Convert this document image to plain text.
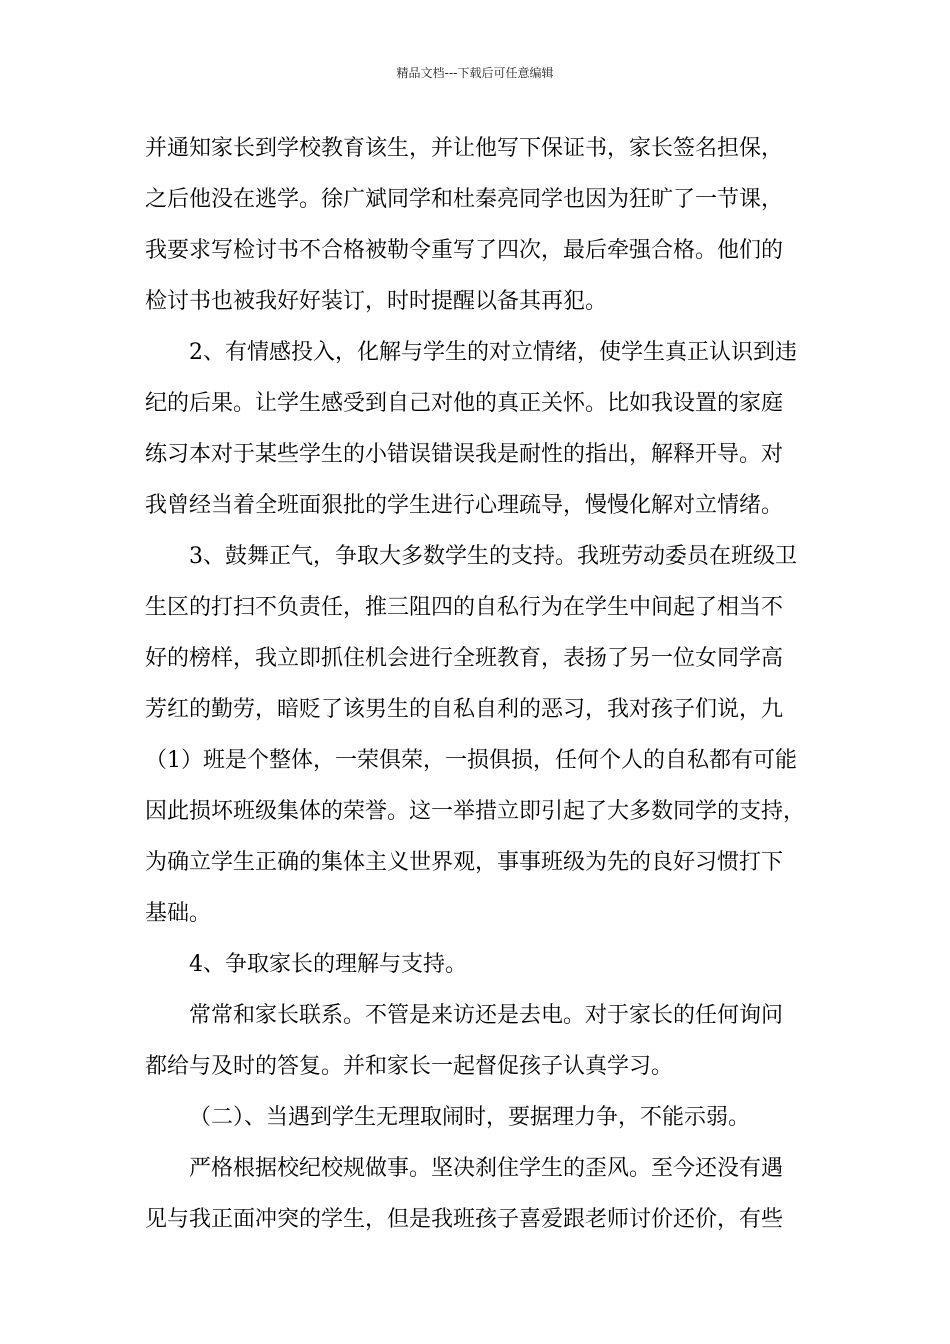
精品文档---下载后可任意编辑
并通知家长到学校教育该生，并让他写下保证书，家长签名担保，
之后他没在逃学。徐广斌同学和杜秦亮同学也因为狂旷了一节课，
我要求写检讨书不合格被勒令重写了四次，最后牵强合格。他们的
检讨书也被我好好装订，时时提醒以备其再犯。
2、有情感投入，化解与学生的对立情绪，使学生真正认识到违
纪的后果。让学生感受到自己对他的真正关怀。比如我设置的家庭
练习本对于某些学生的小错误错误我是耐性的指出，解释开导。对
我曾经当着全班面狠批的学生进行心理疏导，慢慢化解对立情绪。
3、鼓舞正气，争取大多数学生的支持。我班劳动委员在班级卫
生区的打扫不负责任，推三阻四的自私行为在学生中间起了相当不
好的榜样，我立即抓住机会进行全班教育，表扬了另一位女同学高
芳红的勤劳，暗贬了该男生的自私自利的恶习，我对孩子们说，九
（1）班是个整体，一荣俱荣，一损俱损，任何个人的自私都有可能
因此损坏班级集体的荣誉。这一举措立即引起了大多数同学的支持，
为确立学生正确的集体主义世界观，事事班级为先的良好习惯打下
基础。
4、争取家长的理解与支持。
常常和家长联系。不管是来访还是去电。对于家长的任何询问
都给与及时的答复。并和家长一起督促孩子认真学习。
（二）、当遇到学生无理取闹时，要据理力争，不能示弱。
严格根据校纪校规做事。坚决刹住学生的歪风。至今还没有遇
见与我正面冲突的学生，但是我班孩子喜爱跟老师讨价还价，有些
